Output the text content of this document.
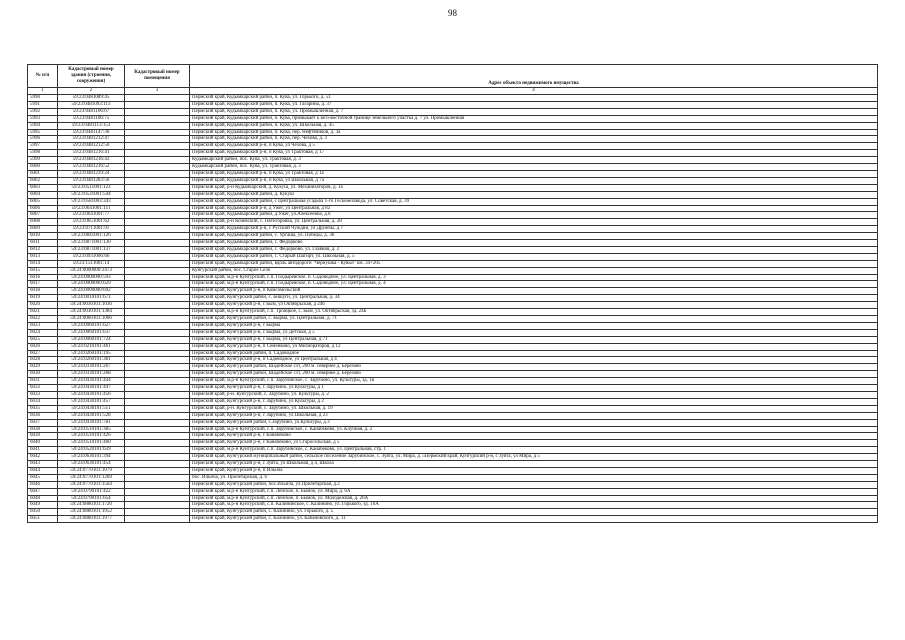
98
№ п/п	Кадастровый номер здания (строения, сооружения)	Кадастровый номер помещения	Адрес объекта недвижимого имущества
1	2	3	4
5990	59:23:0481089:45		Пермский край, Кудымкарский район, п. Кува, ул. Горького, д. 51
5991	59:23:0481093:113		Пермский край, Кудымкарский район, п. Кува, ул. Гагарина, д. 37
5992	59:23:0481106:67		Пермский край, Кудымкарский район, п. Кува, ул. Промышленная, д. 7
5993	59:23:0481106:75		Пермский край, Кудымкарский район, п. Кува, примыкает к юго-восточной границе земельного участка д. 7 ул. Промышленная
5994	59:23:0481113:153		Пермский край, Кудымкарский район, п. Кува, ул. Школьная, д. 45
5995	59:23:0481147:30		Пермский край, Кудымкарский район, п. Кува, пер. Нефтяников, д. 3а
5996	59:23:0481212:47		Пермский край, Кудымкарский район, п. Кува, пер. Чехова, д. 3
5997	59:23:0481212:50		Пермский край, Кудымкарский р-н, п Кува, ул Чехова, д 5
5998	59:23:0481216:41		Пермский край, Кудымкарский р-н, п Кува, ул Трактовая, д 17
5999	59:23:0481216:43		Кудымкарский район, пос. Кува, ул. Трактовая, д. 3
6000	59:23:0481216:52		Кудымкарский район, пос. Кува, ул. Трактовая, д. 3
6001	59:23:0481239:24		Пермский край, Кудымкарский р-н, п Кува, ул Трактовая, д 1а
6002	59:23:0481283:56		Пермский край, Кудымкарский р-н, п Кува, ул Школьная, д 7а
6003	59:23:0511001:123		Пермский край, р-н Кудымкарский, д. Кукуш, ул. Механизаторов, д. 1а
6004	59:23:0531001:544		Пермский край, Кудымкарский район, д. Кукуш
6005	59:23:0581003:343		Пермский край, Кудымкарский район, с Центральная усадьба 1-го Госконезавода, ул. Советская, д. 39
6006	59:23:0641001:111		Пермский край, Кудымкарский р-н, д Ужег, ул Центральная, д 82
6007	59:23:0641001:77		Пермский край, Кудымкарский район, д.Ужег, ул.Алексеевна, д.6
6008	59:23:0651001:62		Пермский край, р-н Кочевский, с. Пятигоровка, ул. Центральная, д. 28
6009	59:23:0711001:91		Пермский край, Кудымкарский р-н, с Русский Чуждин, ул Дружбы, д 7
6010	59:23:0841001:126		Пермский край, Кудымкарский район, с. Ургаша, ул. Победы, д. 36
6011	59:23:0871001:130		Пермский край, Кудымкарский район, с. Федорково
6012	59:23:0871001:137		Пермский край, Кудымкарский район, с. Федорково, ул. Главная, д. 2
6013	59:23:0931006:66		Пермский край, Кудымкарский район, с. Старый Шагирт, ул. Школьная, д. 5
6014	59:23:1511001:14		Пермский край, Кудымкарский район, вдоль автодороги "Чернушка - Кувыз" км. 34+205
6015	59:24:0000000:2473		Кунгурский район, пос. Старое Село
6016	59:24:0000000:593		Пермский край, м.р-н Кунгурский, с.п. Голдыревское, п. Садоводное, ул. Центральная, д. 3
6017	59:24:0000000:629		Пермский край, м.р-н Кунгурский, с.п. Голдыревское, п. Садоводное, ул. Центральная, д. 4
6018	59:24:0000000:692		Пермский край, Кунгурский р-н, п Комсомольский
6019	59:24:0010101:671		Пермский край, Кунгурский район, с. Бишуги, ул. Центральная, д. 34
6020	59:24:0030101:1036		Пермский край, Кунгурский р-н, с Бым, ул Октябрьская, д 24б
6021	59:24:0030101:1384		Пермский край, м.р-н Кунгурский, с.п. Троицкое, с. Бым, ул. Октябрьская, зд. 24Б
6022	59:24:0060101:1006		Пермский край, Кунгурский район, с. Бырма, ул. Центральная, д. 71
6023	59:24:0060101:627		Пермский край, Кунгурский р-н, с Бырма
6024	59:24:0060101:637		Пермский край, Кунгурский р-н, с Бырма, ул Детская, д 5
6025	59:24:0060101:724		Пермский край, Кунгурский р-н, с Бырма, ул Центральная, д 71
6026	59:24:0210101:461		Пермский край, Кунгурский р-н, п Семенково, ул Мелиораторов, д 12
6027	59:24:0260101:195		Пермский край, Кунгурский район, п. Садоводное
6028	59:24:0260101:381		Пермский край, Кунгурский р-н, п Садоводное, ул Центральная, д 4
6029	59:24:0330101:267		Пермский край, Кунгурский район, Шадейское с/п, 200 м. севернее д. Березово
6030	59:24:0330101:268		Пермский край, Кунгурский район, Шадейское с/п, 200 м. севернее д. Березово
6031	59:24:0430101:444		Пермский край, м.р-н Кунгурский, с.п. Зарубинское, с. Зарубино, ул. Культуры, зд. 1в
6032	59:24:0430101:447		Пермский край, Кунгурский р-н, с Зарубино, ул Культуры, д 1
6033	59:24:0430101:456		Пермский край, р-н. Кунгурский, с. Зарубино, ул. Культуры, д. 2
6034	59:24:0430101:457		Пермский край, Кунгурский р-н, с Зарубино, ул Культуры, д 2
6035	59:24:0430101:511		Пермский край, р-н. Кунгурский, с. Зарубино, ул. Школьная, д. 19
6036	59:24:0430101:528		Пермский край, Кунгурский р-н, с Зарубино, ул Школьная, д 23
6037	59:24:0430101:781		Пермский край, Кунгурский район, с.Зарубино, ул.Культуры, д.3
6038	59:24:0510101:385		Пермский край, м.р-н Кунгурский, с.п. Зарубинское, с. Канабеково, ул. Клубная, д. 2
6039	59:24:0510101:426		Пермский край, Кунгурский р-н, с Канабеково
6040	59:24:0510101:460		Пермский край, Кунгурский р-н, с Канабеково, ул Старосельская, д 5
6041	59:24:0520101:639		Пермский край, м.р-н Кунгурский, с.п. Зарубинское, с. Канабеково, ул. Центральная, стр. 1
6042	59:24:0630101:394		Пермский край, Кунгурский муниципальный район, сельское поселение Зарубинское, с. Зуята, ул. Мира, д. 5Пермский край, Кунгурский р-н, с Зуята, ул Мира, д 5
6043	59:24:0630101:454		Пермский край, Кунгурский р-н, с Зуята, ул Школьная, д 4, Школа
6044	59:24:0770101:1079		Пермский край, Кунгурский р-н, п Ильича
6045	59:24:0770101:1269		пос. Ильича, ул. Пролетарская, д. 6
6046	59:24:0770101:1564		Пермский край, Кунгурский район, пос.Ильича, ул.Пролетарская, д.2
6047	59:24:0790101:422		Пермский край, м.р-н Кунгурский, с.п. Ленское, п. Бымок, ул. Мира, д. 6А
6048	59:24:0790101:654		Пермский край, м.р-н Кунгурский, с.п. Ленское, п. Бымок, ул. Молодежная, д. 26А
6049	59:24:0880101:1720		Пермский край, м.р-н Кунгурский, с.п. Калининское, с. Калинино, ул. Горького, зд. 10А
6050	59:24:0880101:1952		Пермский край, Кунгурский район, с. Калинино, ул. Горького, д. 5
6051	59:24:0880101:1977		Пермский край, Кунгурский район, с. Калинино, ул. Кабановского, д. 11
